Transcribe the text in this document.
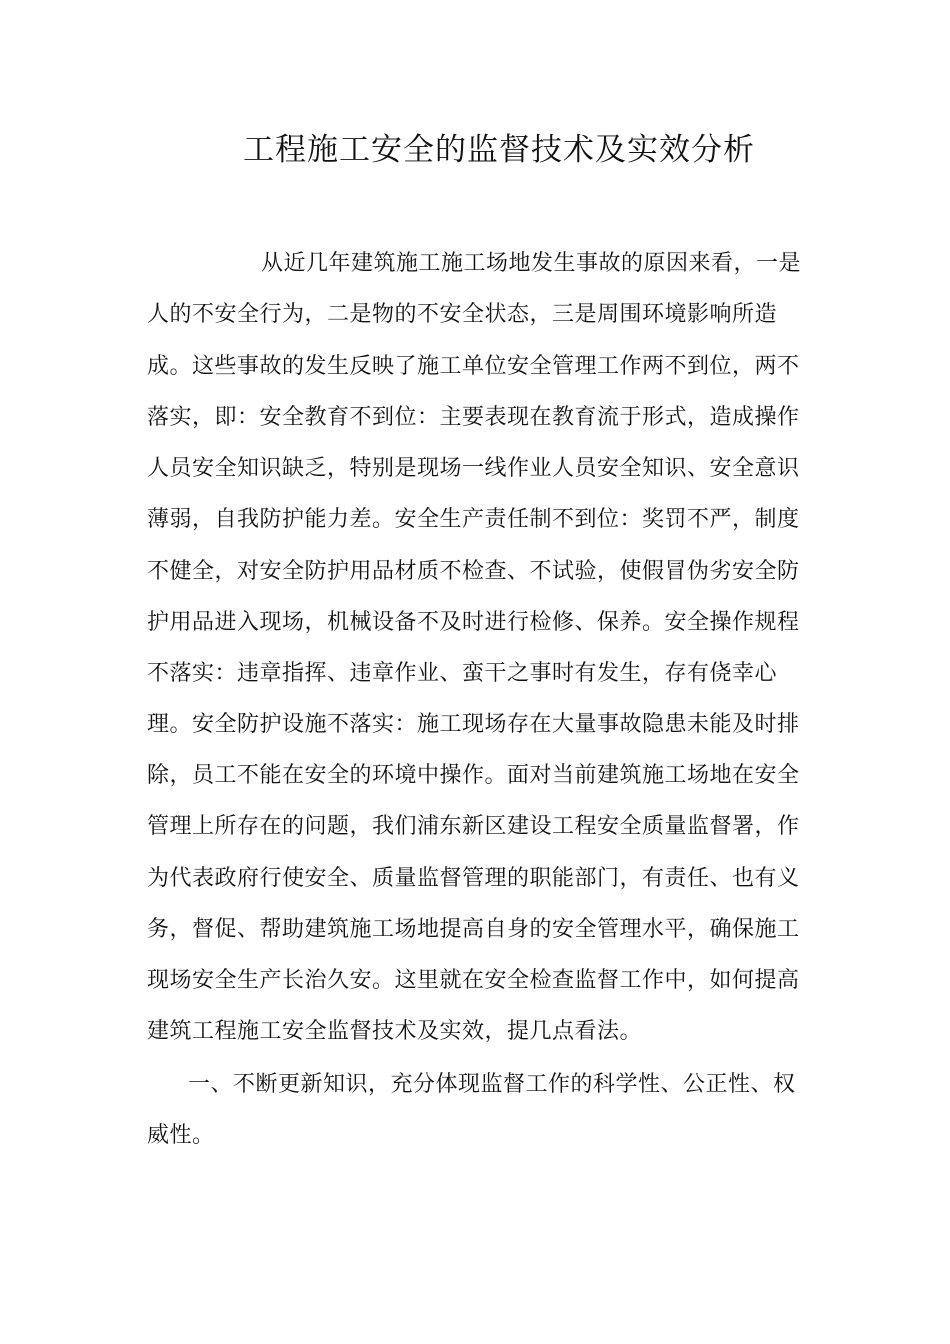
工程施工安全的监督技术及实效分析

从近几年建筑施工施工场地发生事故的原因来看，一是

人的不安全行为，二是物的不安全状态，三是周围环境影响所造

成。这些事故的发生反映了施工单位安全管理工作两不到位，两不

落实，即：安全教育不到位：主要表现在教育流于形式，造成操作

人员安全知识缺乏，特别是现场一线作业人员安全知识、安全意识

薄弱，自我防护能力差。安全生产责任制不到位：奖罚不严，制度

不健全，对安全防护用品材质不检查、不试验，使假冒伪劣安全防

护用品进入现场，机械设备不及时进行检修、保养。安全操作规程

不落实：违章指挥、违章作业、蛮干之事时有发生，存有侥幸心

理。安全防护设施不落实：施工现场存在大量事故隐患未能及时排

除，员工不能在安全的环境中操作。面对当前建筑施工场地在安全

管理上所存在的问题，我们浦东新区建设工程安全质量监督署，作

为代表政府行使安全、质量监督管理的职能部门，有责任、也有义

务，督促、帮助建筑施工场地提高自身的安全管理水平，确保施工

现场安全生产长治久安。这里就在安全检查监督工作中，如何提高

建筑工程施工安全监督技术及实效，提几点看法。

一、不断更新知识，充分体现监督工作的科学性、公正性、权

威性。
